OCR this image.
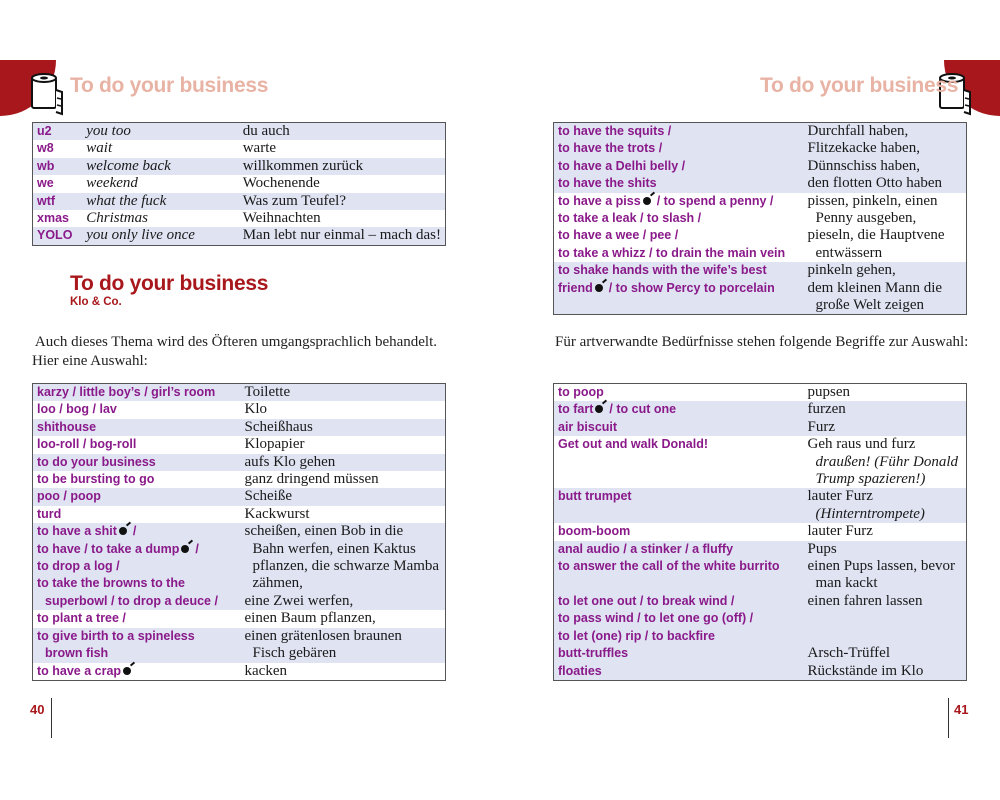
To do your business	To do your business
u2	you too	du auch
w8	wait	warte
wb	welcome back	willkommen zurück
we	weekend	Wochenende
wtf	what the fuck	Was zum Teufel?
xmas	Christmas	Weihnachten
YOLO	you only live once	Man lebt nur einmal – mach das!
To do your business
Klo & Co.
Auch dieses Thema wird des Öfteren umgangsprachlich behandelt.
Hier eine Auswahl:
karzy / little boy’s / girl’s room	Toilette
loo / bog / lav	Klo
shithouse	Scheißhaus
loo-roll / bog-roll	Klopapier
to do your business	aufs Klo gehen
to be bursting to go	ganz dringend müssen
poo / poop	Scheiße
turd	Kackwurst
to have a shit /	scheißen, einen Bob in die
to have / to take a dump /	Bahn werfen, einen Kaktus
to drop a log /	pflanzen, die schwarze Mamba
to take the browns to the	zähmen,
superbowl / to drop a deuce /	eine Zwei werfen,
to plant a tree /	einen Baum pflanzen,
to give birth to a spineless	einen grätenlosen braunen
brown fish	Fisch gebären
to have a crap	kacken
to have the squits /	Durchfall haben,
to have the trots /	Flitzekacke haben,
to have a Delhi belly /	Dünnschiss haben,
to have the shits	den flotten Otto haben
to have a piss / to spend a penny /	pissen, pinkeln, einen
to take a leak / to slash /	Penny ausgeben,
to have a wee / pee /	pieseln, die Hauptvene
to take a whizz / to drain the main vein	entwässern
to shake hands with the wife’s best	pinkeln gehen,
friend / to show Percy to porcelain	dem kleinen Mann die
	große Welt zeigen
Für artverwandte Bedürfnisse stehen folgende Begriffe zur Auswahl:
to poop	pupsen
to fart / to cut one	furzen
air biscuit	Furz
Get out and walk Donald!	Geh raus und furz
	draußen! (Führ Donald
	Trump spazieren!)
butt trumpet	lauter Furz
	(Hinterntrompete)
boom-boom	lauter Furz
anal audio / a stinker / a fluffy	Pups
to answer the call of the white burrito	einen Pups lassen, bevor
	man kackt
to let one out / to break wind /	einen fahren lassen
to pass wind / to let one go (off) /	
to let (one) rip / to backfire	
butt-truffles	Arsch-Trüffel
floaties	Rückstände im Klo
40	41
